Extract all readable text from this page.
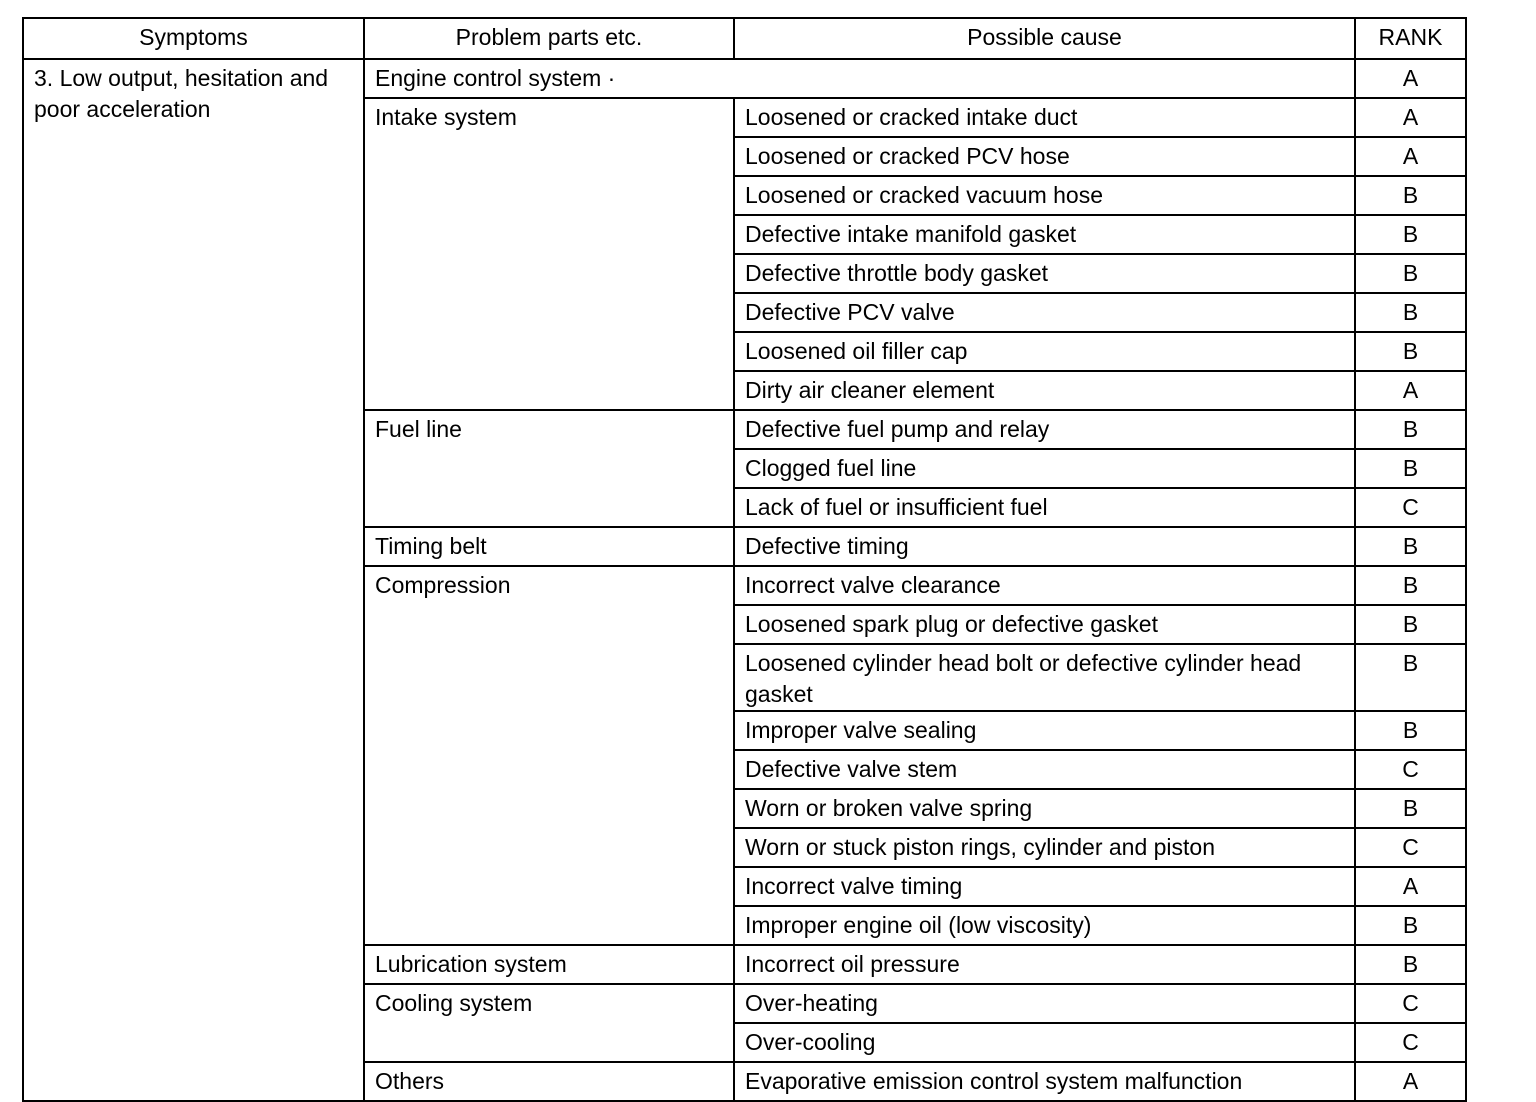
Symptoms	Problem parts etc.	Possible cause	RANK
3. Low output, hesitation and poor acceleration	Engine control system ·		A
	Intake system	Loosened or cracked intake duct	A
		Loosened or cracked PCV hose	A
		Loosened or cracked vacuum hose	B
		Defective intake manifold gasket	B
		Defective throttle body gasket	B
		Defective PCV valve	B
		Loosened oil filler cap	B
		Dirty air cleaner element	A
	Fuel line	Defective fuel pump and relay	B
		Clogged fuel line	B
		Lack of fuel or insufficient fuel	C
	Timing belt	Defective timing	B
	Compression	Incorrect valve clearance	B
		Loosened spark plug or defective gasket	B
		Loosened cylinder head bolt or defective cylinder head gasket	B
		Improper valve sealing	B
		Defective valve stem	C
		Worn or broken valve spring	B
		Worn or stuck piston rings, cylinder and piston	C
		Incorrect valve timing	A
		Improper engine oil (low viscosity)	B
	Lubrication system	Incorrect oil pressure	B
	Cooling system	Over-heating	C
		Over-cooling	C
	Others	Evaporative emission control system malfunction	A
